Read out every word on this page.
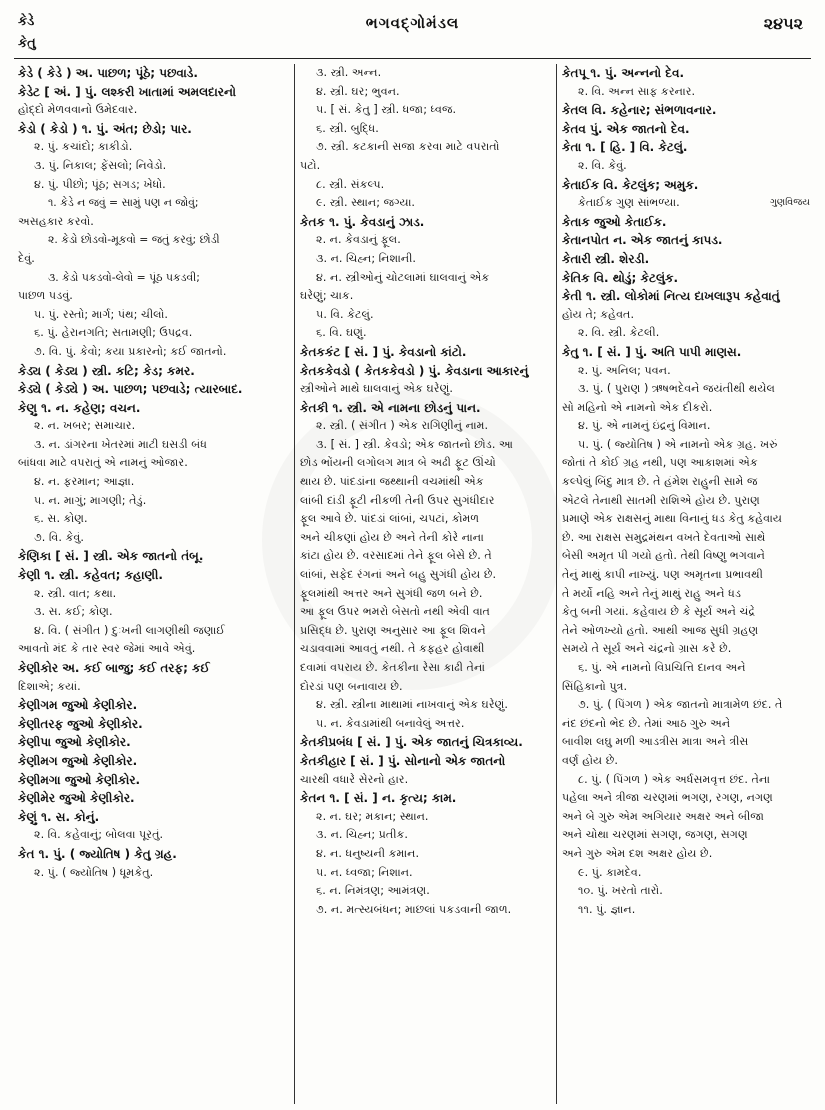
કેડે
કેતુ
ભગવદ્ગોમંડલ	૨૪૫૨
કેડે ( કેડે ) અ. પાછળ; પૂંઠે; પછવાડે.
કેડેટ [ અં. ] પું. લશ્કરી ખાતામાં અમલદારનો
હોદ્દો મેળવવાનો ઉમેદવાર.
કેડો ( કેડો ) ૧. પું. અંત; છેડો; પાર.
૨. પું. કચાંદો; કાકીડો.
૩. પું. નિકાલ; ફેંસલો; નિવેડો.
૪. પું. પીછો; પૂંઠ; સગડ; ખેધો.
૧. કેડે ન જવું = સામું પણ ન જોવું;
અસહકાર કરવો.
૨. કેડો છોડવો-મૂકવો = જતું કરવું; છોડી
દેવું.
૩. કેડો પકડવો-લેવો = પૂંઠ પકડવી;
પાછળ પડવું.
૫. પું. રસ્તો; માર્ગ; પંથ; ચીલો.
૬. પું. હેરાનગતિ; સતામણી; ઉપદ્રવ.
૭. વિ. પું. કેવો; કયા પ્રકારનો; કઈ જાતનો.
કેડ્ય ( કેડ્ય ) સ્ત્રી. કટિ; કેડ; કમર.
કેડ્યે ( કેડ્યે ) અ. પાછળ; પછવાડે; ત્યારબાદ.
કેણુ ૧. ન. કહેણ; વચન.
૨. ન. ખબર; સમાચાર.
૩. ન. ડાંગરના ખેતરમાં માટી ઘસડી બંધ
બાંધવા માટે વપરાતું એ નામનું ઓજાર.
૪. ન. ફરમાન; આજ્ઞા.
૫. ન. માગું; માગણી; તેડું.
૬. સ. કોણ.
૭. વિ. કેવું.
કેણિકા [ સં. ] સ્ત્રી. એક જાતનો તંબૂ.
કેણી ૧. સ્ત્રી. કહેવત; કહાણી.
૨. સ્ત્રી. વાત; કથા.
૩. સ. કઈ; કોણ.
૪. વિ. ( સંગીત ) દુઃખની લાગણીથી જણાઈ
આવતો મંદ કે તાર સ્વર જેમાં આવે એવું.
કેણીકોર અ. કઈ બાજુ; કઈ તરફ; કઈ
દિશાએ; કયાં.
કેણીગમ જુઓ કેણીકોર.
કેણીતરફ જુઓ કેણીકોર.
કેણીપા જુઓ કેણીકોર.
કેણીમગ જુઓ કેણીકોર.
કેણીમગા જુઓ કેણીકોર.
કેણીમેર જુઓ કેણીકોર.
કેણું ૧. સ. કોનું.
૨. વિ. કહેવાનું; બોલવા પૂરતું.
કેત ૧. પું. ( જ્યોતિષ ) કેતુ ગ્રહ.
૨. પું. ( જ્યોતિષ ) ધૂમકેતુ.
૩. સ્ત્રી. અન્ન.
૪. સ્ત્રી. ઘર; ભુવન.
૫. [ સં. કેતુ ] સ્ત્રી. ધજા; ધ્વજ.
૬. સ્ત્રી. બુદ્ધિ.
૭. સ્ત્રી. કટકાની સજા કરવા માટે વપરાતો
પટો.
૮. સ્ત્રી. સંકલ્પ.
૯. સ્ત્રી. સ્થાન; જગ્યા.
કેતક ૧. પું. કેવડાનું ઝાડ.
૨. ન. કેવડાનું ફૂલ.
૩. ન. ચિહ્ન; નિશાની.
૪. ન. સ્ત્રીઓનું ચોટલામાં ઘાલવાનું એક
ઘરેણું; ચાક.
૫. વિ. કેટલું.
૬. વિ. ઘણું.
કેતકકંટ [ સં. ] પું. કેવડાનો કાંટો.
કેતકકેવડો ( કેતકકેવડો ) પું. કેવડાના આકારનું
સ્ત્રીઓને માથે ઘાલવાનું એક ઘરેણું.
કેતકી ૧. સ્ત્રી. એ નામના છોડનું પાન.
૨. સ્ત્રી. ( સંગીત ) એક રાગિણીનું નામ.
૩. [ સં. ] સ્ત્રી. કેવડો; એક જાતનો છોડ. આ
છોડ ભોંયની લગોલગ માત્ર બે અઢી ફૂટ ઊંચો
થાય છે. પાંદડાંના જથ્થાની વચમાંથી એક
લાંબી દાંડી ફૂટી નીકળી તેની ઉપર સુગંધીદાર
ફૂલ આવે છે. પાંદડાં લાંબાં, ચપટાં, કોમળ
અને ચીકણાં હોય છે અને તેની કોરે નાના
કાંટા હોય છે. વરસાદમાં તેને ફૂલ બેસે છે. તે
લાંબાં, સફેદ રંગનાં અને બહુ સુગંધી હોય છે.
ફૂલમાંથી અત્તર અને સુગંધી જળ બને છે.
આ ફૂલ ઉપર ભમરો બેસતો નથી એવી વાત
પ્રસિદ્ધ છે. પુરાણ અનુસાર આ ફૂલ શિવને
ચડાવવામાં આવતું નથી. તે કફહર હોવાથી
દવામાં વપરાય છે. કેતકીના રેસા કાઢી તેનાં
દોરડાં પણ બનાવાય છે.
૪. સ્ત્રી. સ્ત્રીના માથામાં નાખવાનું એક ઘરેણું.
૫. ન. કેવડામાંથી બનાવેલું અત્તર.
કેતકીપ્રબંધ [ સં. ] પું. એક જાતનું ચિત્રકાવ્ય.
કેતકીહાર [ સં. ] પું. સોનાનો એક જાતનો
ચારથી વધારે સેરનો હાર.
કેતન ૧. [ સં. ] ન. કૃત્ય; કામ.
૨. ન. ઘર; મકાન; સ્થાન.
૩. ન. ચિહ્ન; પ્રતીક.
૪. ન. ધનુષ્યની કમાન.
૫. ન. ધ્વજા; નિશાન.
૬. ન. નિમંત્રણ; આમંત્રણ.
૭. ન. મત્સ્યબંધન; માછલાં પકડવાની જાળ.
કેતપૂ ૧. પું. અન્નનો દેવ.
૨. વિ. અન્ન સાફ કરનાર.
કેતલ વિ. કહેનાર; સંભળાવનાર.
કેતવ પું. એક જાતનો દેવ.
કેતા ૧. [ હિ. ] વિ. કેટલું.
૨. વિ. કેવું.
કેતાઈક વિ. કેટલુંક; અમુક.
ગુણવિજય
કેતાઈક ગુણ સાંભળ્યા.
કેતાક જુઓ કેતાઈક.
કેતાનપોત ન. એક જાતનું કાપડ.
કેતારી સ્ત્રી. શેરડી.
કેતિક વિ. થોડું; કેટલુંક.
કેતી ૧. સ્ત્રી. લોકોમાં નિત્ય દાખલારૂપ કહેવાતું
હોય તે; કહેવત.
૨. વિ. સ્ત્રી. કેટલી.
કેતુ ૧. [ સં. ] પું. અતિ પાપી માણસ.
૨. પું. અનિલ; પવન.
૩. પું. ( પુરાણ ) ઋષભદેવને જયંતીથી થયેલ
સો મહિનો એ નામનો એક દીકરો.
૪. પું. એ નામનું ઇંદ્રનું વિમાન.
૫. પું. ( જ્યોતિષ ) એ નામનો એક ગ્રહ. ખરું
જોતાં તે કોઈ ગ્રહ નથી, પણ આકાશમાં એક
કલ્પેલું બિંદુ માત્ર છે. તે હંમેશ રાહુની સામે જ
એટલે તેનાથી સાતમી રાશિએ હોય છે. પુરાણ
પ્રમાણે એક રાક્ષસનું માથા વિનાનું ધડ કેતુ કહેવાય
છે. આ રાક્ષસ સમુદ્રમંથન વખતે દેવતાઓ સાથે
બેસી અમૃત પી ગયો હતો. તેથી વિષ્ણુ ભગવાને
તેનું માથું કાપી નાખ્યું. પણ અમૃતના પ્રભાવથી
તે મર્યો નહિ અને તેનું માથું રાહુ અને ધડ
કેતુ બની ગયાં. કહેવાય છે કે સૂર્ય અને ચંદ્રે
તેને ઓળખ્યો હતો. આથી આજ સુધી ગ્રહણ
સમયે તે સૂર્ય અને ચંદ્રનો ગ્રાસ કરે છે.
૬. પું. એ નામનો વિપ્રચિત્તિ દાનવ અને
સિંહિકાનો પુત્ર.
૭. પું. ( પિંગળ ) એક જાતનો માત્રામેળ છંદ. તે
નંદ છંદનો ભેદ છે. તેમાં આઠ ગુરુ અને
બાવીશ લઘુ મળી આડત્રીસ માત્રા અને ત્રીસ
વર્ણ હોય છે.
૮. પું. ( પિંગળ ) એક અર્ધસમવૃત્ત છંદ. તેના
પહેલા અને ત્રીજા ચરણમાં ભગણ, રગણ, નગણ
અને બે ગુરુ એમ અગિયાર અક્ષર અને બીજા
અને ચોથા ચરણમાં સગણ, જગણ, સગણ
અને ગુરુ એમ દશ અક્ષર હોય છે.
૯. પું. કામદેવ.
૧૦. પું. ખરતો તારો.
૧૧. પું. જ્ઞાન.
